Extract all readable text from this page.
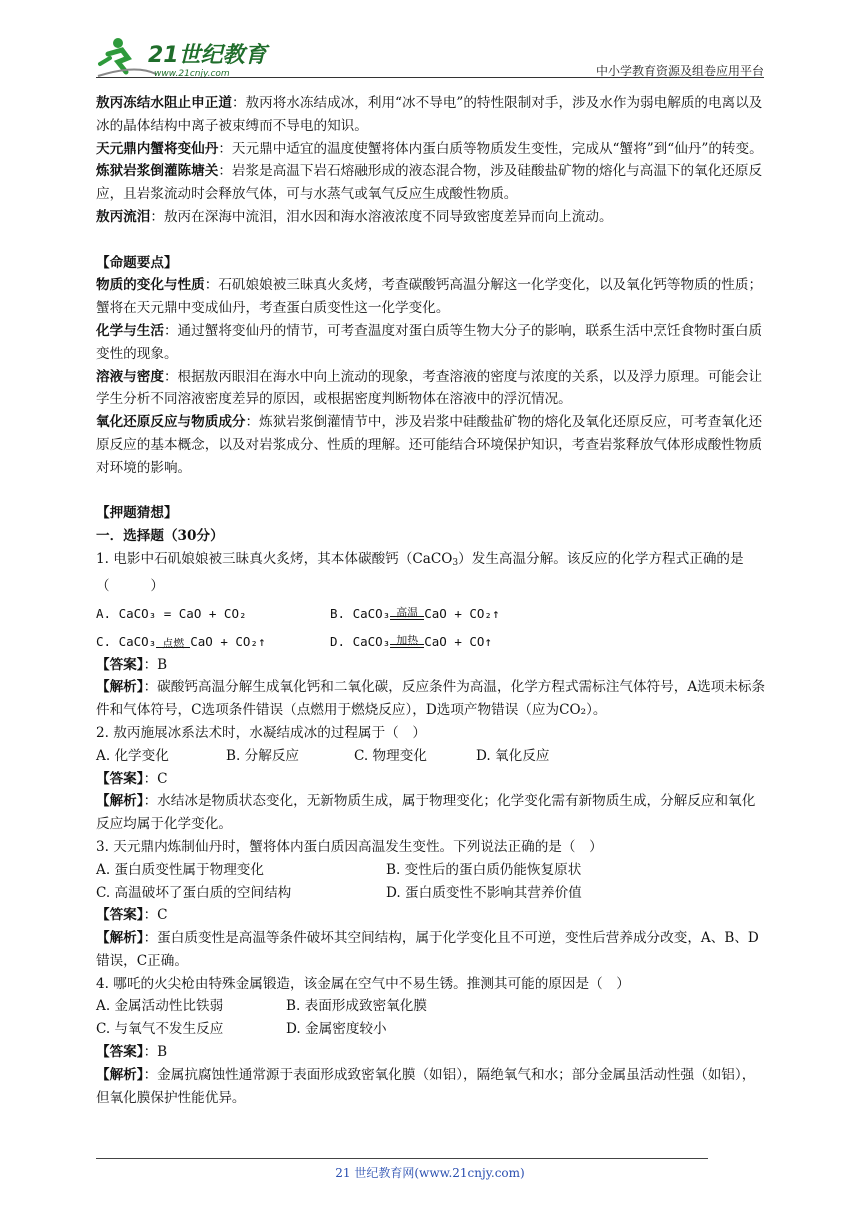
21世纪教育
www.21cnjy.com	中小学教育资源及组卷应用平台

敖丙冻结水阻止申正道：敖丙将水冻结成冰，利用“冰不导电”的特性限制对手，涉及水作为弱电解质的电离以及冰的晶体结构中离子被束缚而不导电的知识。

天元鼎内蟹将变仙丹：天元鼎中适宜的温度使蟹将体内蛋白质等物质发生变性，完成从“蟹将”到“仙丹”的转变。

炼狱岩浆倒灌陈塘关：岩浆是高温下岩石熔融形成的液态混合物，涉及硅酸盐矿物的熔化与高温下的氧化还原反应，且岩浆流动时会释放气体，可与水蒸气或氧气反应生成酸性物质。

敖丙流泪：敖丙在深海中流泪，泪水因和海水溶液浓度不同导致密度差异而向上流动。

【命题要点】

物质的变化与性质：石矶娘娘被三昧真火炙烤，考查碳酸钙高温分解这一化学变化，以及氧化钙等物质的性质；蟹将在天元鼎中变成仙丹，考查蛋白质变性这一化学变化。

化学与生活：通过蟹将变仙丹的情节，可考查温度对蛋白质等生物大分子的影响，联系生活中烹饪食物时蛋白质变性的现象。

溶液与密度：根据敖丙眼泪在海水中向上流动的现象，考查溶液的密度与浓度的关系，以及浮力原理。可能会让学生分析不同溶液密度差异的原因，或根据密度判断物体在溶液中的浮沉情况。

氧化还原反应与物质成分：炼狱岩浆倒灌情节中，涉及岩浆中硅酸盐矿物的熔化及氧化还原反应，可考查氧化还原反应的基本概念，以及对岩浆成分、性质的理解。还可能结合环境保护知识，考查岩浆释放气体形成酸性物质对环境的影响。

【押题猜想】

一．选择题（30分）

1. 电影中石矶娘娘被三昧真火炙烤，其本体碳酸钙（CaCO$_3$）发生高温分解。该反应的化学方程式正确的是（　　　）

A. CaCO₃ = CaO + CO₂	B. CaCO₃ 高温 CaO + CO₂↑
C. CaCO₃ 点燃 CaO + CO₂↑	D. CaCO₃ 加热 CaO + CO↑

【答案】：B

【解析】：碳酸钙高温分解生成氧化钙和二氧化碳，反应条件为高温，化学方程式需标注气体符号，A选项未标条件和气体符号，C选项条件错误（点燃用于燃烧反应），D选项产物错误（应为CO₂）。

2. 敖丙施展冰系法术时，水凝结成冰的过程属于（　）

A. 化学变化	B. 分解反应	C. 物理变化	D. 氧化反应

【答案】：C

【解析】：水结冰是物质状态变化，无新物质生成，属于物理变化；化学变化需有新物质生成，分解反应和氧化反应均属于化学变化。

3. 天元鼎内炼制仙丹时，蟹将体内蛋白质因高温发生变性。下列说法正确的是（　）

A. 蛋白质变性属于物理变化	B. 变性后的蛋白质仍能恢复原状
C. 高温破坏了蛋白质的空间结构	D. 蛋白质变性不影响其营养价值

【答案】：C

【解析】：蛋白质变性是高温等条件破坏其空间结构，属于化学变化且不可逆，变性后营养成分改变，A、B、D错误，C正确。

4. 哪吒的火尖枪由特殊金属锻造，该金属在空气中不易生锈。推测其可能的原因是（　）

A. 金属活动性比铁弱	B. 表面形成致密氧化膜
C. 与氧气不发生反应	D. 金属密度较小

【答案】：B

【解析】：金属抗腐蚀性通常源于表面形成致密氧化膜（如铝），隔绝氧气和水；部分金属虽活动性强（如铝），但氧化膜保护性能优异。

21 世纪教育网(www.21cnjy.com)
